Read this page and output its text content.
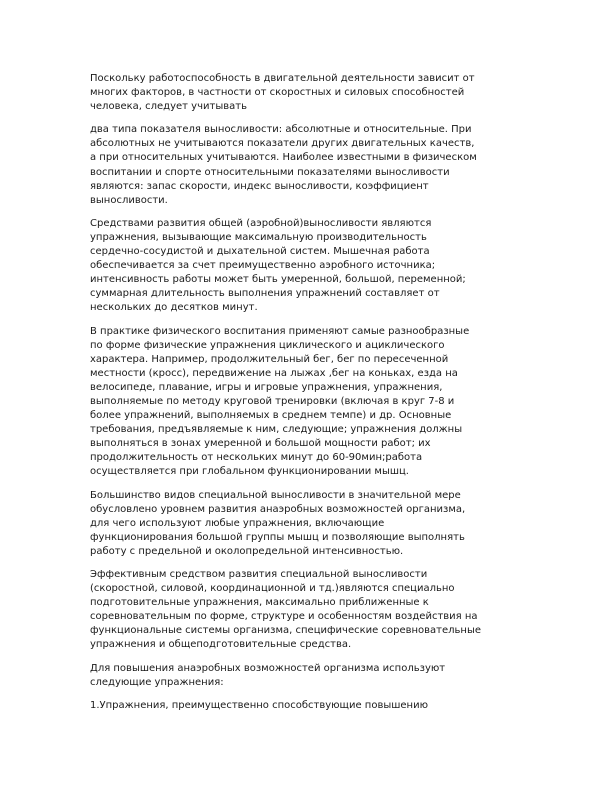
Поскольку работоспособность в двигательной деятельности зависит от
многих факторов, в частности от скоростных и силовых способностей
человека, следует учитывать

два типа показателя выносливости: абсолютные и относительные. При
абсолютных не учитываются показатели других двигательных качеств,
а при относительных учитываются. Наиболее известными в физическом
воспитании и спорте относительными показателями выносливости
являются: запас скорости, индекс выносливости, коэффициент
выносливости.

Средствами развития общей (аэробной)выносливости являются
упражнения, вызывающие максимальную производительность
сердечно-сосудистой и дыхательной систем. Мышечная работа
обеспечивается за счет преимущественно аэробного источника;
интенсивность работы может быть умеренной, большой, переменной;
суммарная длительность выполнения упражнений составляет от
нескольких до десятков минут.

В практике физического воспитания применяют самые разнообразные
по форме физические упражнения циклического и ациклического
характера. Например, продолжительный бег, бег по пересеченной
местности (кросс), передвижение на лыжах ,бег на коньках, езда на
велосипеде, плавание, игры и игровые упражнения, упражнения,
выполняемые по методу круговой тренировки (включая в круг 7-8 и
более упражнений, выполняемых в среднем темпе) и др. Основные
требования, предъявляемые к ним, следующие; упражнения должны
выполняться в зонах умеренной и большой мощности работ; их
продолжительность от нескольких минут до 60-90мин;работа
осуществляется при глобальном функционировании мышц.

Большинство видов специальной выносливости в значительной мере
обусловлено уровнем развития анаэробных возможностей организма,
для чего используют любые упражнения, включающие
функционирования большой группы мышц и позволяющие выполнять
работу с предельной и околопредельной интенсивностью.

Эффективным средством развития специальной выносливости
(скоростной, силовой, координационной и тд.)являются специально
подготовительные упражнения, максимально приближенные к
соревновательным по форме, структуре и особенностям воздействия на
функциональные системы организма, специфические соревновательные
упражнения и общеподготовительные средства.

Для повышения анаэробных возможностей организма используют
следующие упражнения:

1.Упражнения, преимущественно способствующие повышению
